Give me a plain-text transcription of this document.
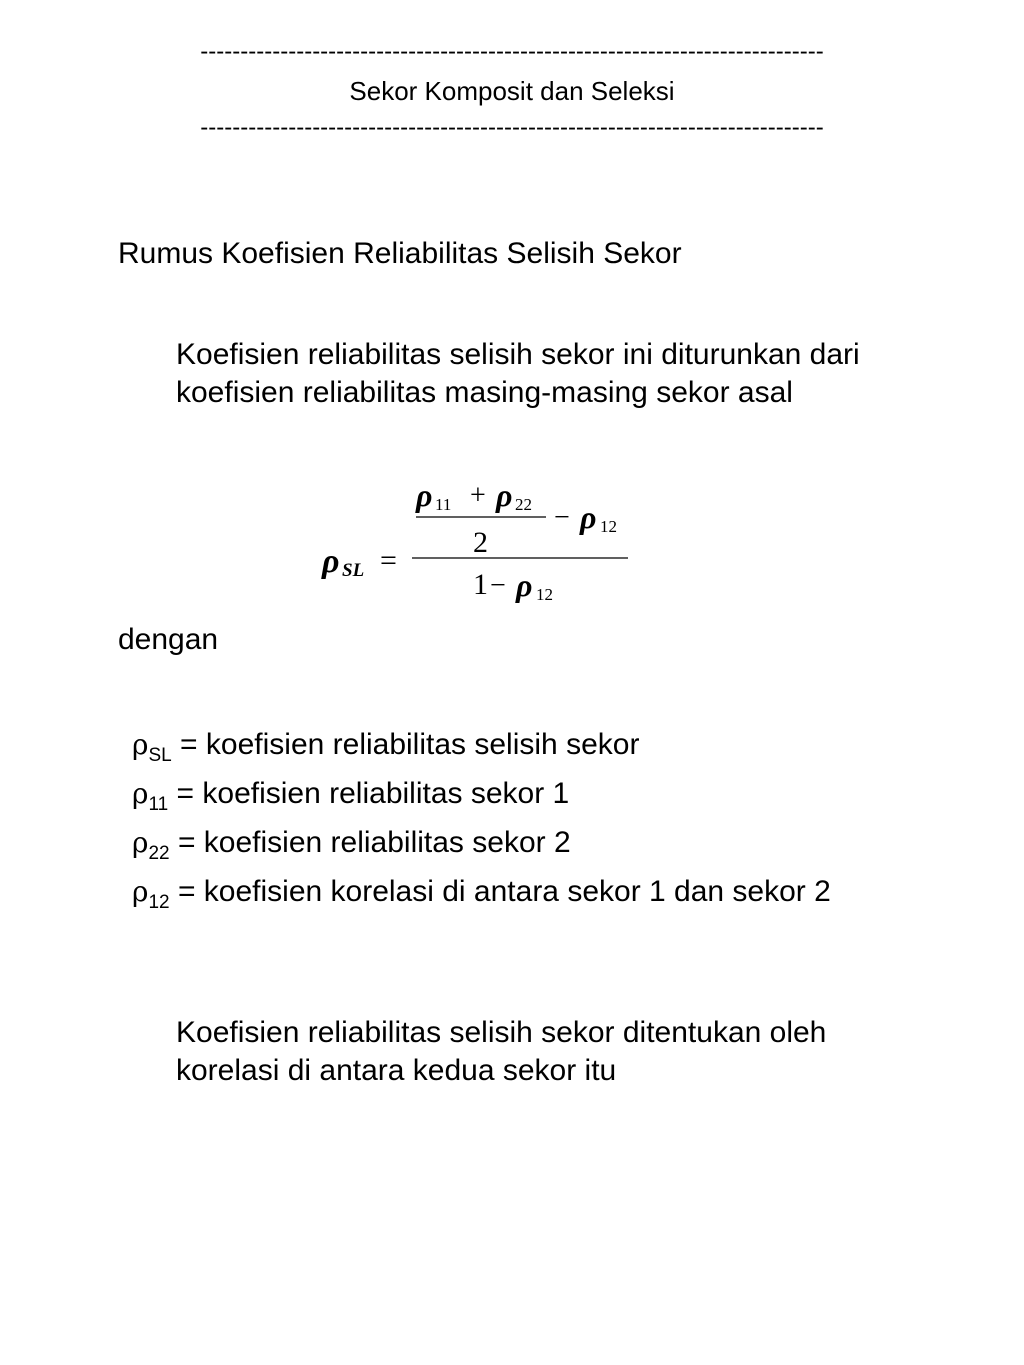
------------------------------------------------------------------------------
Sekor Komposit dan Seleksi
------------------------------------------------------------------------------
Rumus Koefisien Reliabilitas Selisih Sekor
Koefisien reliabilitas selisih sekor ini diturunkan dari
koefisien reliabilitas masing-masing sekor asal
ρ 11 + ρ 22
2
− ρ 12
1 − ρ 12
ρ SL =
dengan
$\rho_{SL}$ = koefisien reliabilitas selisih sekor
$\rho_{11}$ = koefisien reliabilitas sekor 1
$\rho_{22}$ = koefisien reliabilitas sekor 2
$\rho_{12}$ = koefisien korelasi di antara sekor 1 dan sekor 2
Koefisien reliabilitas selisih sekor ditentukan oleh
korelasi di antara kedua sekor itu
